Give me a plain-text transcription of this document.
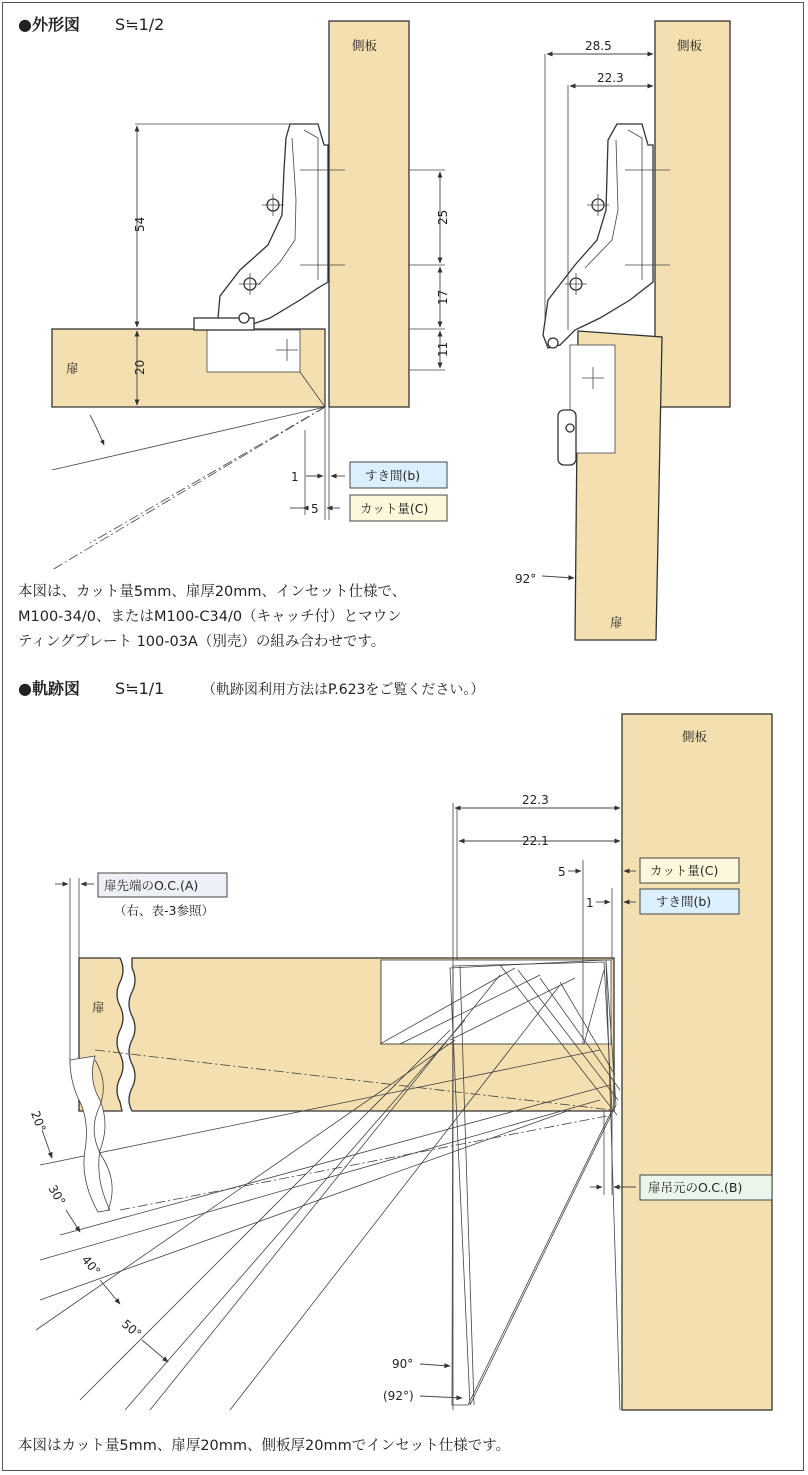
●外形図 S≒1/2
側板
扉
54
20
25
17
11
1	すき間(b)
5	カット量(C)
側板
扉
28.5
22.3
92°
●軌跡図 S≒1/1	（軌跡図利用方法はP.623をご覧ください。）
側板
扉
20°
30°
40°
50°
90°
(92°)
22.3
22.1
5	カット量(C)
1	すき間(b)
扉先端のO.C.(A)
（右、表-3参照）
扉吊元のO.C.(B)
本図は、カット量5mm、扉厚20mm、インセット仕様で、
M100-34/0、またはM100-C34/0（キャッチ付）とマウン
ティングプレート 100-03A（別売）の組み合わせです。
本図はカット量5mm、扉厚20mm、側板厚20mmでインセット仕様です。
